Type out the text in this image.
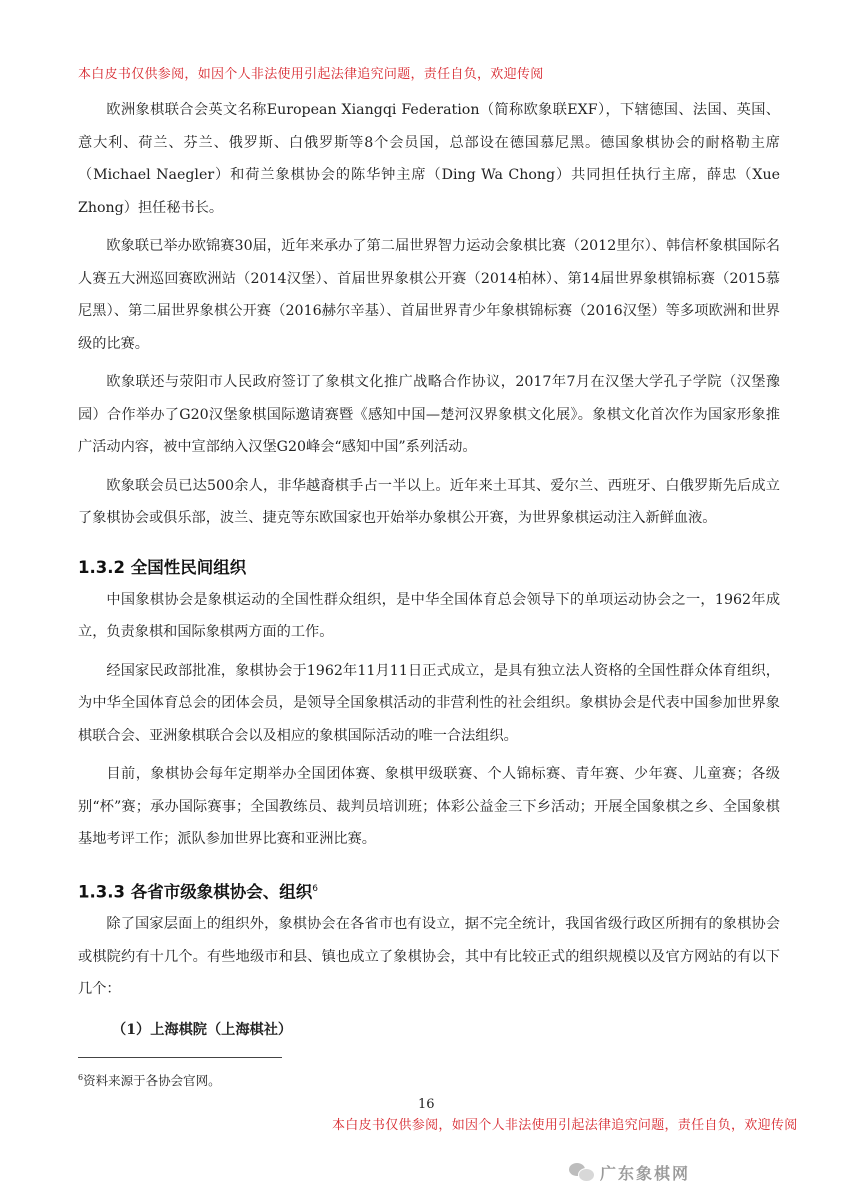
本白皮书仅供参阅，如因个人非法使用引起法律追究问题，责任自负，欢迎传阅

欧洲象棋联合会英文名称European Xiangqi Federation（简称欧象联EXF），下辖德国、法国、英国、意大利、荷兰、芬兰、俄罗斯、白俄罗斯等8个会员国，总部设在德国慕尼黑。德国象棋协会的耐格勒主席（Michael Naegler）和荷兰象棋协会的陈华钟主席（Ding Wa Chong）共同担任执行主席，薛忠（Xue Zhong）担任秘书长。

欧象联已举办欧锦赛30届，近年来承办了第二届世界智力运动会象棋比赛（2012里尔）、韩信杯象棋国际名人赛五大洲巡回赛欧洲站（2014汉堡）、首届世界象棋公开赛（2014柏林）、第14届世界象棋锦标赛（2015慕尼黑）、第二届世界象棋公开赛（2016赫尔辛基）、首届世界青少年象棋锦标赛（2016汉堡）等多项欧洲和世界级的比赛。

欧象联还与荥阳市人民政府签订了象棋文化推广战略合作协议，2017年7月在汉堡大学孔子学院（汉堡豫园）合作举办了G20汉堡象棋国际邀请赛暨《感知中国—楚河汉界象棋文化展》。象棋文化首次作为国家形象推广活动内容，被中宣部纳入汉堡G20峰会“感知中国”系列活动。

欧象联会员已达500余人，非华越裔棋手占一半以上。近年来土耳其、爱尔兰、西班牙、白俄罗斯先后成立了象棋协会或俱乐部，波兰、捷克等东欧国家也开始举办象棋公开赛，为世界象棋运动注入新鲜血液。

1.3.2 全国性民间组织

中国象棋协会是象棋运动的全国性群众组织，是中华全国体育总会领导下的单项运动协会之一，1962年成立，负责象棋和国际象棋两方面的工作。

经国家民政部批准，象棋协会于1962年11月11日正式成立，是具有独立法人资格的全国性群众体育组织，为中华全国体育总会的团体会员，是领导全国象棋活动的非营利性的社会组织。象棋协会是代表中国参加世界象棋联合会、亚洲象棋联合会以及相应的象棋国际活动的唯一合法组织。

目前，象棋协会每年定期举办全国团体赛、象棋甲级联赛、个人锦标赛、青年赛、少年赛、儿童赛；各级别“杯”赛；承办国际赛事；全国教练员、裁判员培训班；体彩公益金三下乡活动；开展全国象棋之乡、全国象棋基地考评工作；派队参加世界比赛和亚洲比赛。

1.3.3 各省市级象棋协会、组织$^6$

除了国家层面上的组织外，象棋协会在各省市也有设立，据不完全统计，我国省级行政区所拥有的象棋协会或棋院约有十几个。有些地级市和县、镇也成立了象棋协会，其中有比较正式的组织规模以及官方网站的有以下几个：

（1）上海棋院（上海棋社）

$^6$资料来源于各协会官网。
16
本白皮书仅供参阅，如因个人非法使用引起法律追究问题，责任自负，欢迎传阅
广东象棋网
